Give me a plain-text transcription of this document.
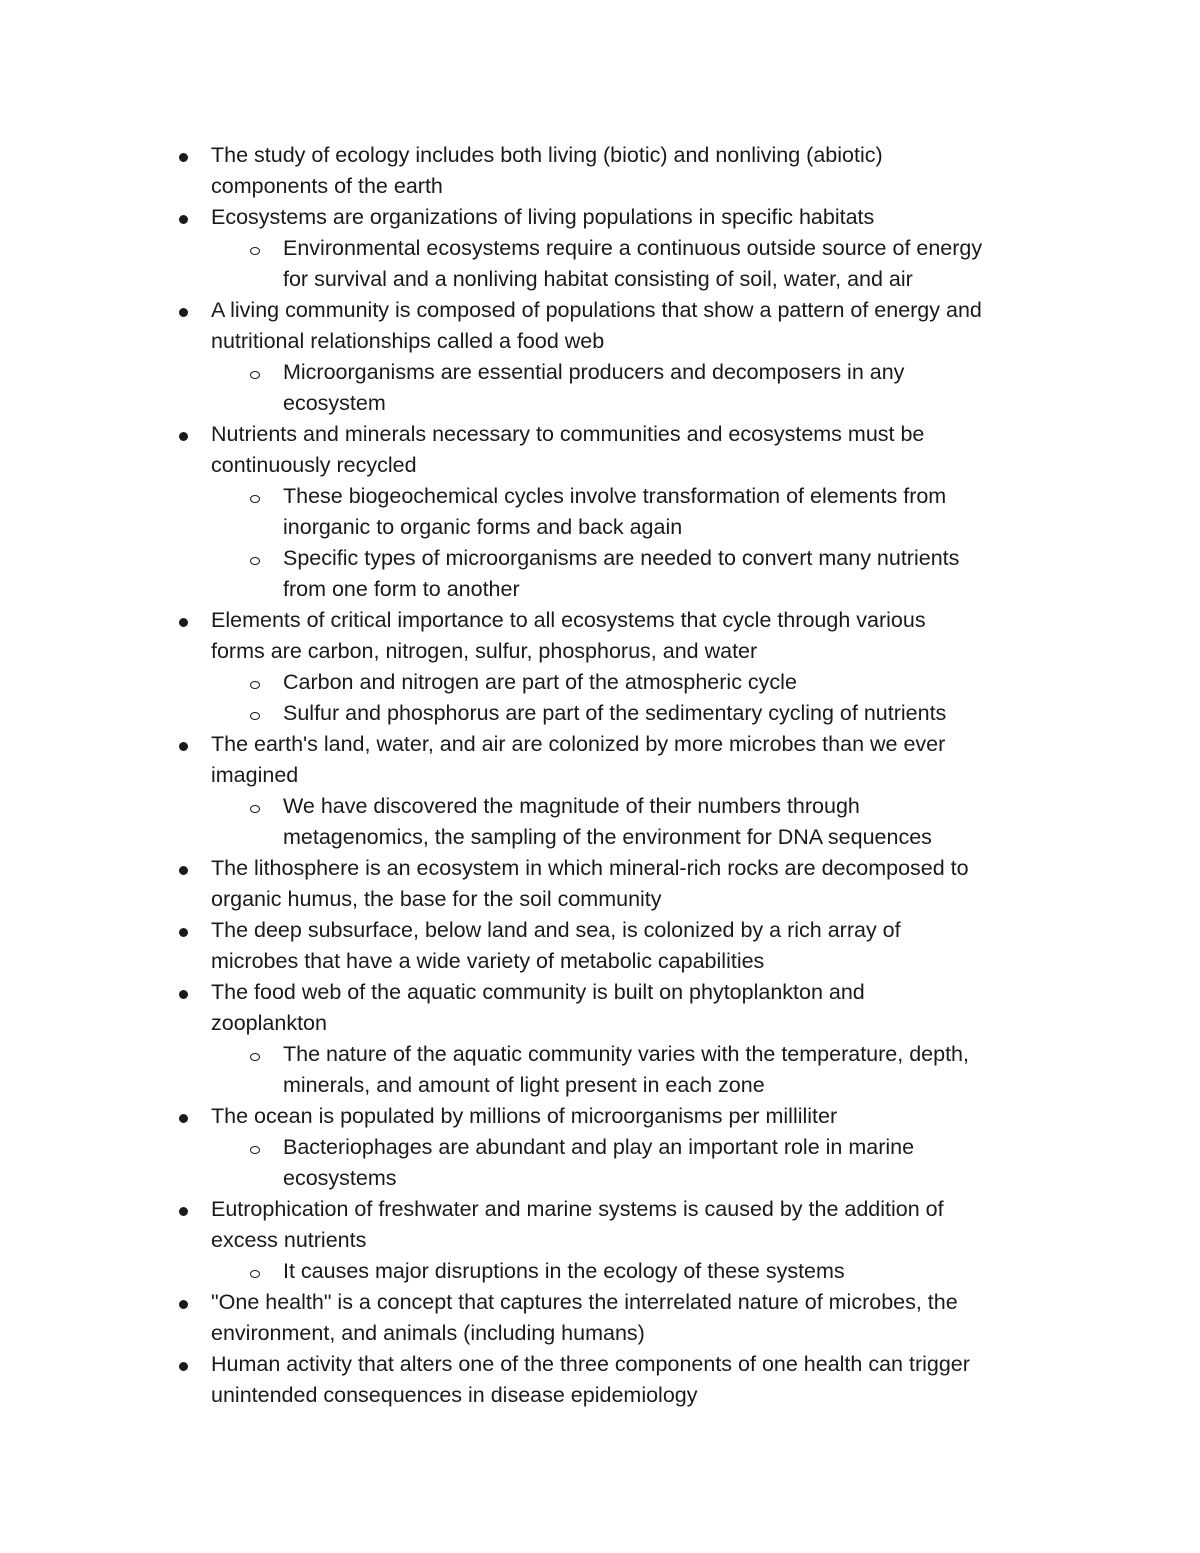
The study of ecology includes both living (biotic) and nonliving (abiotic)
components of the earth
Ecosystems are organizations of living populations in specific habitats
Environmental ecosystems require a continuous outside source of energy
for survival and a nonliving habitat consisting of soil, water, and air
A living community is composed of populations that show a pattern of energy and
nutritional relationships called a food web
Microorganisms are essential producers and decomposers in any
ecosystem
Nutrients and minerals necessary to communities and ecosystems must be
continuously recycled
These biogeochemical cycles involve transformation of elements from
inorganic to organic forms and back again
Specific types of microorganisms are needed to convert many nutrients
from one form to another
Elements of critical importance to all ecosystems that cycle through various
forms are carbon, nitrogen, sulfur, phosphorus, and water
Carbon and nitrogen are part of the atmospheric cycle
Sulfur and phosphorus are part of the sedimentary cycling of nutrients
The earth's land, water, and air are colonized by more microbes than we ever
imagined
We have discovered the magnitude of their numbers through
metagenomics, the sampling of the environment for DNA sequences
The lithosphere is an ecosystem in which mineral-rich rocks are decomposed to
organic humus, the base for the soil community
The deep subsurface, below land and sea, is colonized by a rich array of
microbes that have a wide variety of metabolic capabilities
The food web of the aquatic community is built on phytoplankton and
zooplankton
The nature of the aquatic community varies with the temperature, depth,
minerals, and amount of light present in each zone
The ocean is populated by millions of microorganisms per milliliter
Bacteriophages are abundant and play an important role in marine
ecosystems
Eutrophication of freshwater and marine systems is caused by the addition of
excess nutrients
It causes major disruptions in the ecology of these systems
"One health" is a concept that captures the interrelated nature of microbes, the
environment, and animals (including humans)
Human activity that alters one of the three components of one health can trigger
unintended consequences in disease epidemiology
